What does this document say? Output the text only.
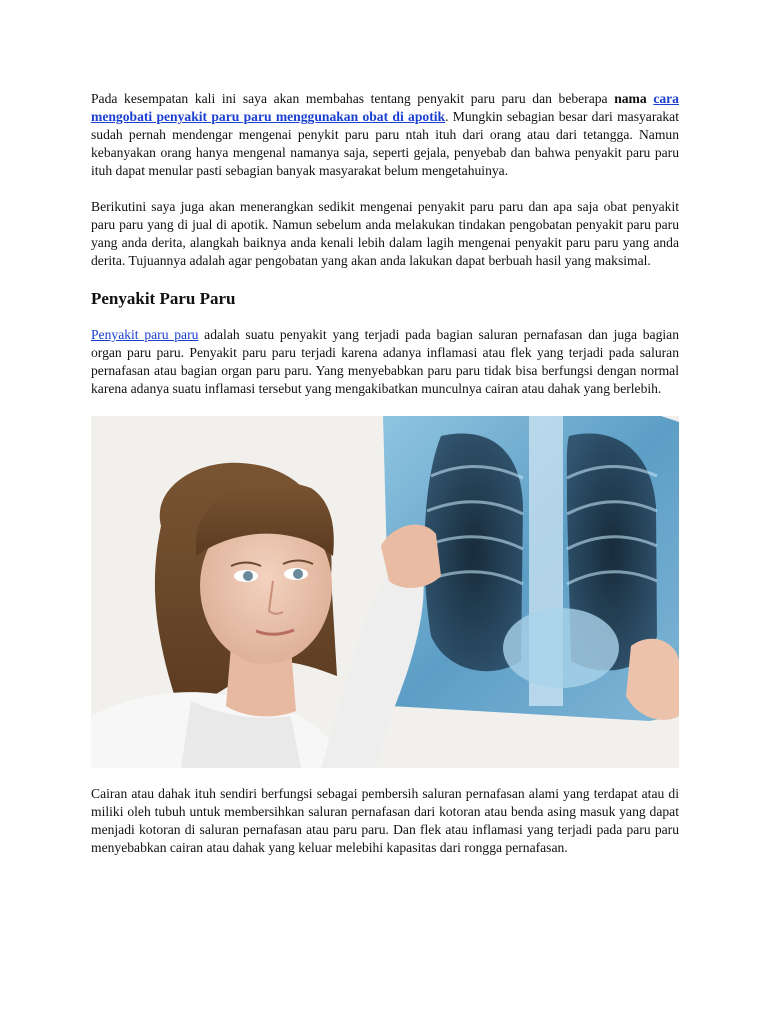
Pada kesempatan kali ini saya akan membahas tentang penyakit paru paru dan beberapa nama cara mengobati penyakit paru paru menggunakan obat di apotik. Mungkin sebagian besar dari masyarakat sudah pernah mendengar mengenai penykit paru paru ntah ituh dari orang atau dari tetangga. Namun kebanyakan orang hanya mengenal namanya saja, seperti gejala, penyebab dan bahwa penyakit paru paru ituh dapat menular pasti sebagian banyak masyarakat belum mengetahuinya.

Berikutini saya juga akan menerangkan sedikit mengenai penyakit paru paru dan apa saja obat penyakit paru paru yang di jual di apotik. Namun sebelum anda melakukan tindakan pengobatan penyakit paru paru yang anda derita, alangkah baiknya anda kenali lebih dalam lagih mengenai penyakit paru paru yang anda derita. Tujuannya adalah agar pengobatan yang akan anda lakukan dapat berbuah hasil yang maksimal.

Penyakit Paru Paru

Penyakit paru paru adalah suatu penyakit yang terjadi pada bagian saluran pernafasan dan juga bagian organ paru paru. Penyakit paru paru terjadi karena adanya inflamasi atau flek yang terjadi pada saluran pernafasan atau bagian organ paru paru. Yang menyebabkan paru paru tidak bisa berfungsi dengan normal karena adanya suatu inflamasi tersebut yang mengakibatkan munculnya cairan atau dahak yang berlebih.

Cairan atau dahak ituh sendiri berfungsi sebagai pembersih saluran pernafasan alami yang terdapat atau di miliki oleh tubuh untuk membersihkan saluran pernafasan dari kotoran atau benda asing masuk yang dapat menjadi kotoran di saluran pernafasan atau paru paru. Dan flek atau inflamasi yang terjadi pada paru paru menyebabkan cairan atau dahak yang keluar melebihi kapasitas dari rongga pernafasan.
